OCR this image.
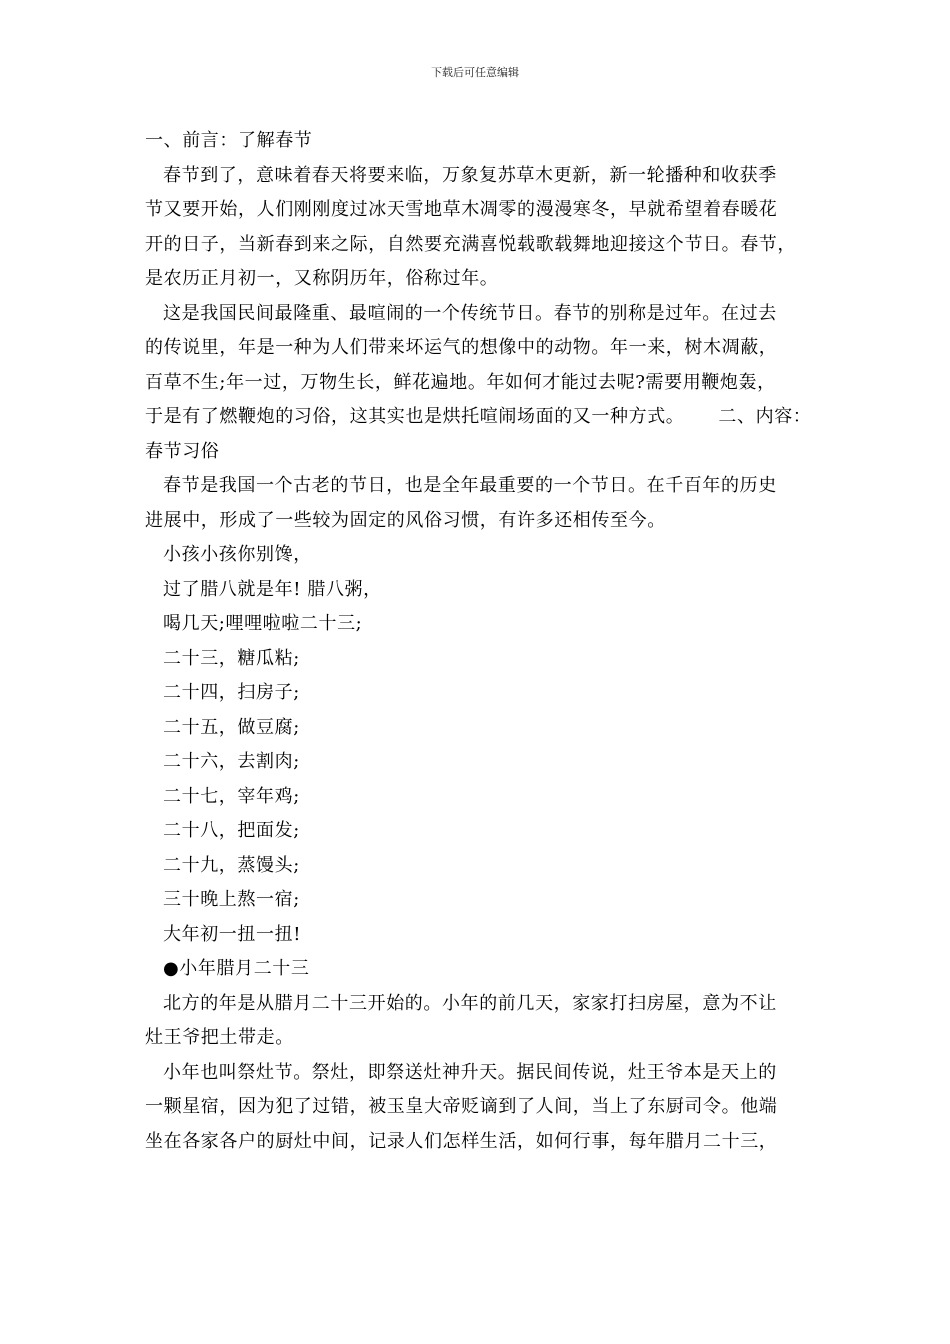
下载后可任意编辑
一、前言：了解春节
春节到了，意味着春天将要来临，万象复苏草木更新，新一轮播种和收获季
节又要开始，人们刚刚度过冰天雪地草木凋零的漫漫寒冬，早就希望着春暖花
开的日子，当新春到来之际，自然要充满喜悦载歌载舞地迎接这个节日。春节，
是农历正月初一，又称阴历年，俗称过年。
这是我国民间最隆重、最喧闹的一个传统节日。春节的别称是过年。在过去
的传说里，年是一种为人们带来坏运气的想像中的动物。年一来，树木凋蔽，
百草不生;年一过，万物生长，鲜花遍地。年如何才能过去呢?需要用鞭炮轰，
于是有了燃鞭炮的习俗，这其实也是烘托喧闹场面的又一种方式。 二、内容：
春节习俗
春节是我国一个古老的节日，也是全年最重要的一个节日。在千百年的历史
进展中，形成了一些较为固定的风俗习惯，有许多还相传至今。
小孩小孩你别馋，
过了腊八就是年! 腊八粥，
喝几天;哩哩啦啦二十三;
二十三，糖瓜粘;
二十四，扫房子;
二十五，做豆腐;
二十六，去割肉;
二十七，宰年鸡;
二十八，把面发;
二十九，蒸馒头;
三十晚上熬一宿;
大年初一扭一扭!
●小年腊月二十三
北方的年是从腊月二十三开始的。小年的前几天，家家打扫房屋，意为不让
灶王爷把土带走。
小年也叫祭灶节。祭灶，即祭送灶神升天。据民间传说，灶王爷本是天上的
一颗星宿，因为犯了过错，被玉皇大帝贬谪到了人间，当上了东厨司令。他端
坐在各家各户的厨灶中间，记录人们怎样生活，如何行事，每年腊月二十三，
